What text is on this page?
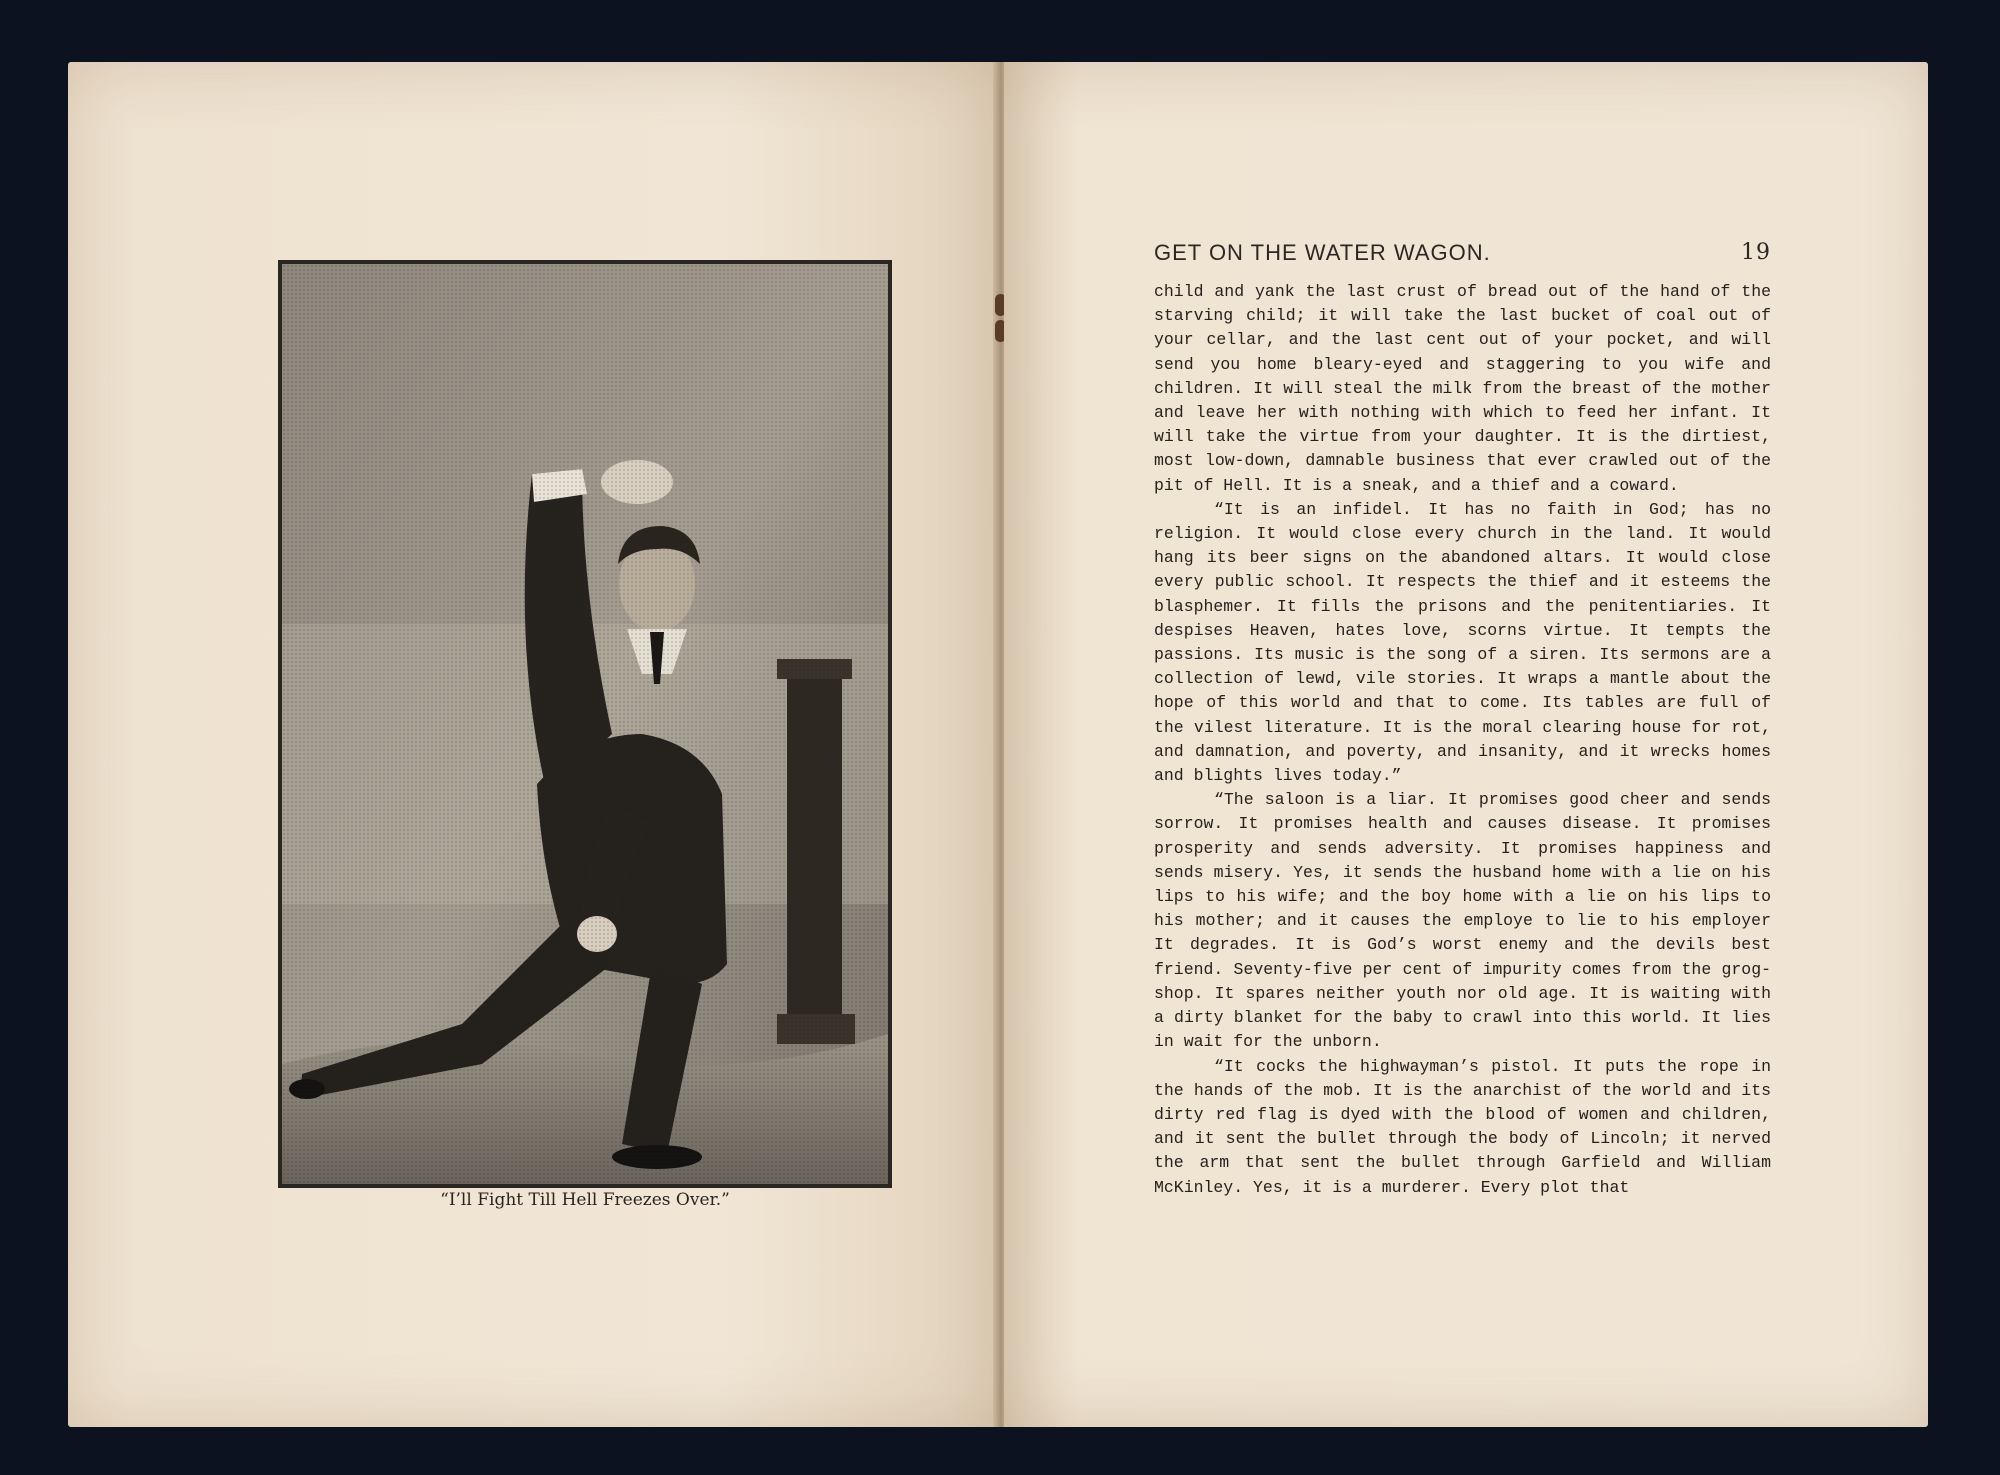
“I’ll Fight Till Hell Freezes Over.”
GET ON THE WATER WAGON.	19

child and yank the last crust of bread out of the hand of the starving child; it will take the last bucket of coal out of your cellar, and the last cent out of your pocket, and will send you home bleary-eyed and staggering to you wife and children. It will steal the milk from the breast of the mother and leave her with nothing with which to feed her infant. It will take the virtue from your daughter. It is the dirtiest, most low-down, damnable business that ever crawled out of the pit of Hell. It is a sneak, and a thief and a coward.

“It is an infidel. It has no faith in God; has no religion. It would close every church in the land. It would hang its beer signs on the abandoned altars. It would close every public school. It respects the thief and it esteems the blasphemer. It fills the prisons and the penitentiaries. It despises Heaven, hates love, scorns virtue. It tempts the passions. Its music is the song of a siren. Its sermons are a collection of lewd, vile stories. It wraps a mantle about the hope of this world and that to come. Its tables are full of the vilest literature. It is the moral clearing house for rot, and damnation, and poverty, and insanity, and it wrecks homes and blights lives today.”

“The saloon is a liar. It promises good cheer and sends sorrow. It promises health and causes disease. It promises prosperity and sends adversity. It promises happiness and sends misery. Yes, it sends the husband home with a lie on his lips to his wife; and the boy home with a lie on his lips to his mother; and it causes the employe to lie to his employer It degrades. It is God’s worst enemy and the devils best friend. Seventy-five per cent of impurity comes from the grog-shop. It spares neither youth nor old age. It is waiting with a dirty blanket for the baby to crawl into this world. It lies in wait for the unborn.

“It cocks the highwayman’s pistol. It puts the rope in the hands of the mob. It is the anarchist of the world and its dirty red flag is dyed with the blood of women and children, and it sent the bullet through the body of Lincoln; it nerved the arm that sent the bullet through Garfield and William McKinley. Yes, it is a murderer. Every plot that
